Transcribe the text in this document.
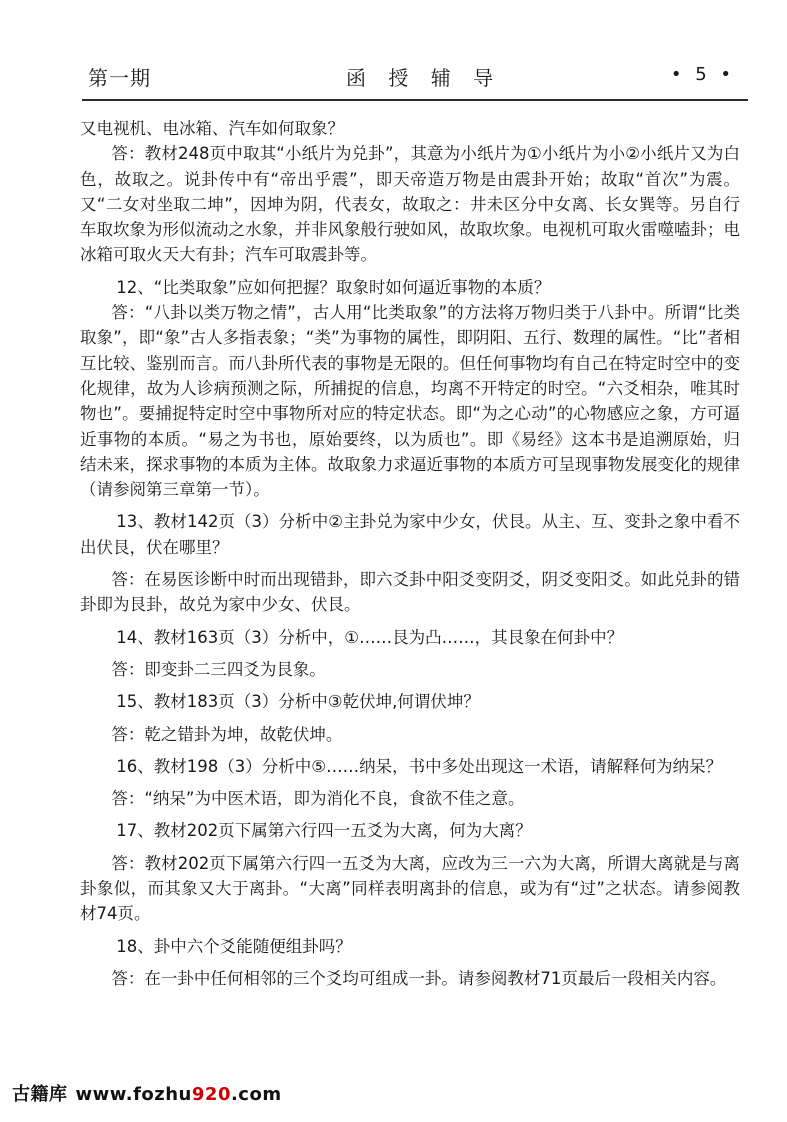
第一期	函 授 辅 导	• 5 •

又电视机、电冰箱、汽车如何取象？

答：教材248页中取其“小纸片为兑卦”，其意为小纸片为①小纸片为小②小纸片又为白色，故取之。说卦传中有“帝出乎震”，即天帝造万物是由震卦开始；故取“首次”为震。又“二女对坐取二坤”，因坤为阴，代表女，故取之：井未区分中女离、长女巽等。另自行车取坎象为形似流动之水象，并非风象般行驶如风，故取坎象。电视机可取火雷噬嗑卦；电冰箱可取火天大有卦；汽车可取震卦等。

12、“比类取象”应如何把握？取象时如何逼近事物的本质？

答：“八卦以类万物之情”，古人用“比类取象”的方法将万物归类于八卦中。所谓“比类取象”，即“象”古人多指表象；“类”为事物的属性，即阴阳、五行、数理的属性。“比”者相互比较、鉴别而言。而八卦所代表的事物是无限的。但任何事物均有自己在特定时空中的变化规律，故为人诊病预测之际，所捕捉的信息，均离不开特定的时空。“六爻相杂，唯其时物也”。要捕捉特定时空中事物所对应的特定状态。即“为之心动”的心物感应之象，方可逼近事物的本质。“易之为书也，原始要终，以为质也”。即《易经》这本书是追溯原始，归结未来，探求事物的本质为主体。故取象力求逼近事物的本质方可呈现事物发展变化的规律（请参阅第三章第一节）。

13、教材142页（3）分析中②主卦兑为家中少女，伏艮。从主、互、变卦之象中看不出伏艮，伏在哪里？

答：在易医诊断中时而出现错卦，即六爻卦中阳爻变阴爻，阴爻变阳爻。如此兑卦的错卦即为艮卦，故兑为家中少女、伏艮。

14、教材163页（3）分析中，①……艮为凸……，其艮象在何卦中？

答：即变卦二三四爻为艮象。

15、教材183页（3）分析中③乾伏坤,何谓伏坤？

答：乾之错卦为坤，故乾伏坤。

16、教材198（3）分析中⑤……纳呆，书中多处出现这一术语，请解释何为纳呆？

答：“纳呆”为中医术语，即为消化不良，食欲不佳之意。

17、教材202页下属第六行四一五爻为大离，何为大离？

答：教材202页下属第六行四一五爻为大离，应改为三一六为大离，所谓大离就是与离卦象似，而其象又大于离卦。“大离”同样表明离卦的信息，或为有“过”之状态。请参阅教材74页。

18、卦中六个爻能随便组卦吗？

答：在一卦中任何相邻的三个爻均可组成一卦。请参阅教材71页最后一段相关内容。

古籍库 www.fozhu920.com
